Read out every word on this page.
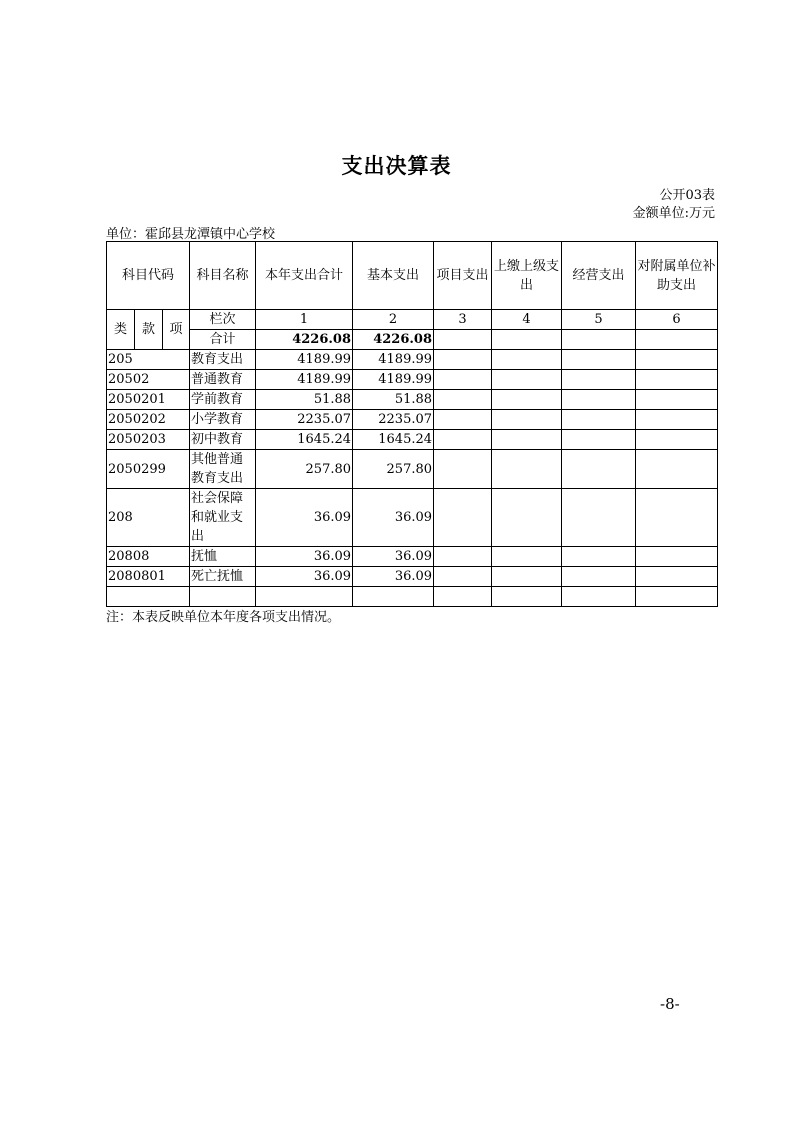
支出决算表
公开03表
金额单位:万元
单位：霍邱县龙潭镇中心学校
科目代码			科目名称	本年支出合计	基本支出	项目支出	上缴上级支出	经营支出	对附属单位补助支出
类	款	项	栏次	1	2	3	4	5	6
			合计	4226.08	4226.08				
205			教育支出	4189.99	4189.99				
20502			普通教育	4189.99	4189.99				
2050201			学前教育	51.88	51.88				
2050202			小学教育	2235.07	2235.07				
2050203			初中教育	1645.24	1645.24				
2050299			其他普通教育支出	257.80	257.80				
208			社会保障和就业支出	36.09	36.09				
20808			抚恤	36.09	36.09				
2080801			死亡抚恤	36.09	36.09				

注：本表反映单位本年度各项支出情况。
-8-
